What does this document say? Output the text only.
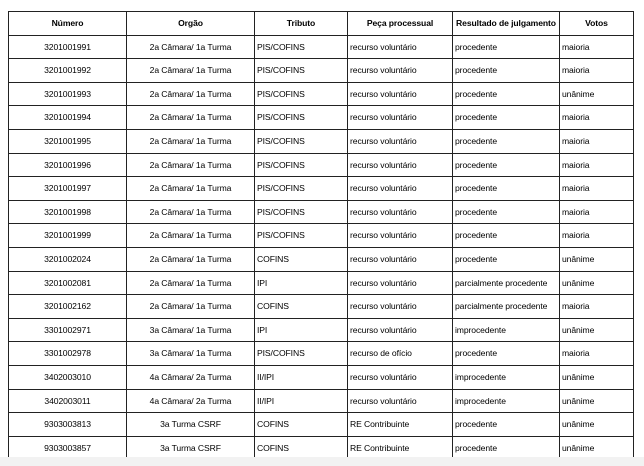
Número	Orgão	Tributo	Peça processual	Resultado de julgamento	Votos
3201001991	2a Câmara/ 1a Turma	PIS/COFINS	recurso voluntário	procedente	maioria
3201001992	2a Câmara/ 1a Turma	PIS/COFINS	recurso voluntário	procedente	maioria
3201001993	2a Câmara/ 1a Turma	PIS/COFINS	recurso voluntário	procedente	unânime
3201001994	2a Câmara/ 1a Turma	PIS/COFINS	recurso voluntário	procedente	maioria
3201001995	2a Câmara/ 1a Turma	PIS/COFINS	recurso voluntário	procedente	maioria
3201001996	2a Câmara/ 1a Turma	PIS/COFINS	recurso voluntário	procedente	maioria
3201001997	2a Câmara/ 1a Turma	PIS/COFINS	recurso voluntário	procedente	maioria
3201001998	2a Câmara/ 1a Turma	PIS/COFINS	recurso voluntário	procedente	maioria
3201001999	2a Câmara/ 1a Turma	PIS/COFINS	recurso voluntário	procedente	maioria
3201002024	2a Câmara/ 1a Turma	COFINS	recurso voluntário	procedente	unânime
3201002081	2a Câmara/ 1a Turma	IPI	recurso voluntário	parcialmente procedente	unânime
3201002162	2a Câmara/ 1a Turma	COFINS	recurso voluntário	parcialmente procedente	maioria
3301002971	3a Câmara/ 1a Turma	IPI	recurso voluntário	improcedente	unânime
3301002978	3a Câmara/ 1a Turma	PIS/COFINS	recurso de ofício	procedente	maioria
3402003010	4a Câmara/ 2a Turma	II/IPI	recurso voluntário	improcedente	unânime
3402003011	4a Câmara/ 2a Turma	II/IPI	recurso voluntário	improcedente	unânime
9303003813	3a Turma CSRF	COFINS	RE Contribuinte	procedente	unânime
9303003857	3a Turma CSRF	COFINS	RE Contribuinte	procedente	unânime
